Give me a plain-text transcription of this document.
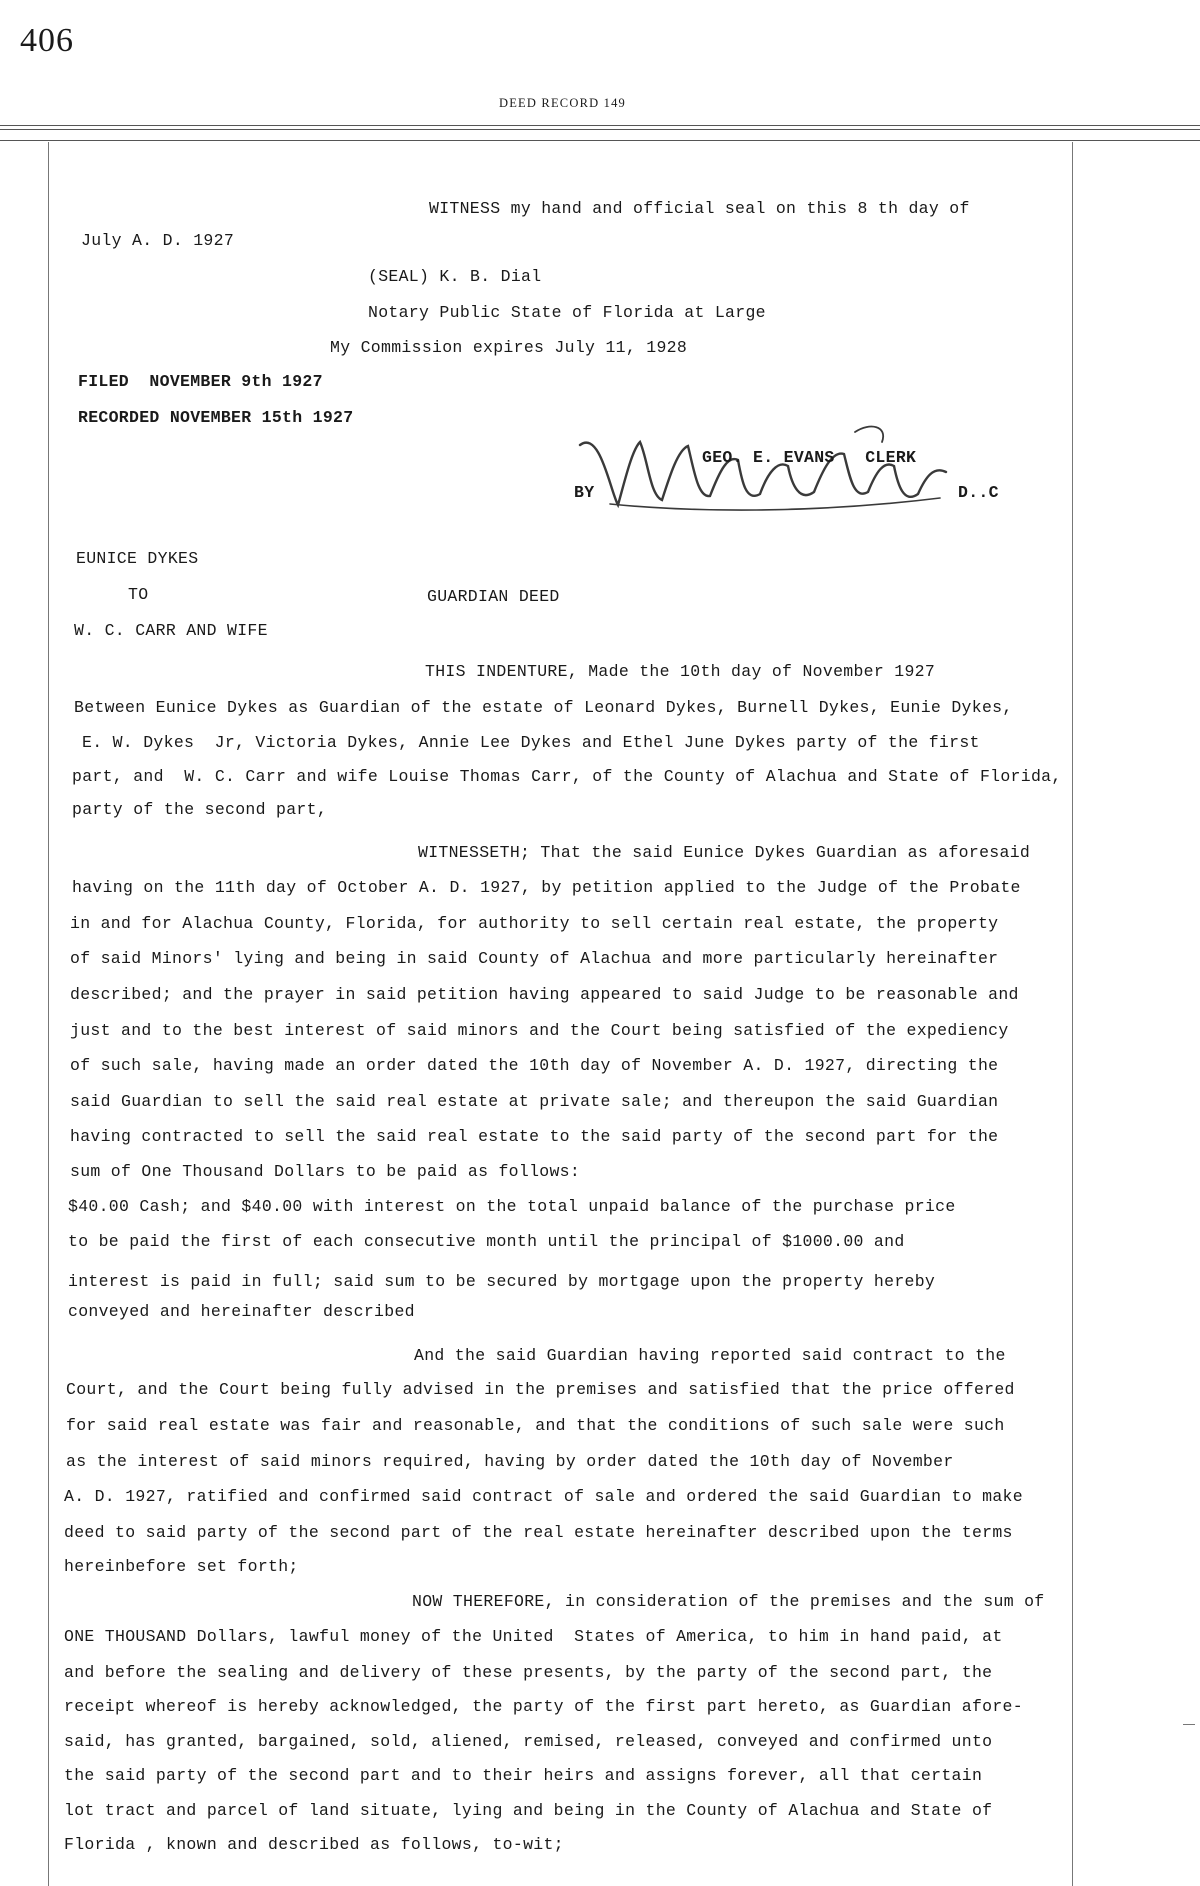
406
DEED RECORD 149
WITNESS my hand and official seal on this 8 th day of
July A. D. 1927
(SEAL) K. B. Dial
Notary Public State of Florida at Large
My Commission expires July 11, 1928
FILED  NOVEMBER 9th 1927
RECORDED NOVEMBER 15th 1927
GEO. E. EVANS   CLERK
BY	D..C
EUNICE DYKES
TO	GUARDIAN DEED
W. C. CARR AND WIFE
THIS INDENTURE, Made the 10th day of November 1927
Between Eunice Dykes as Guardian of the estate of Leonard Dykes, Burnell Dykes, Eunie Dykes,
E. W. Dykes  Jr, Victoria Dykes, Annie Lee Dykes and Ethel June Dykes party of the first
part, and  W. C. Carr and wife Louise Thomas Carr, of the County of Alachua and State of Florida,
party of the second part,
WITNESSETH; That the said Eunice Dykes Guardian as aforesaid
having on the 11th day of October A. D. 1927, by petition applied to the Judge of the Probate
in and for Alachua County, Florida, for authority to sell certain real estate, the property
of said Minors' lying and being in said County of Alachua and more particularly hereinafter
described; and the prayer in said petition having appeared to said Judge to be reasonable and
just and to the best interest of said minors and the Court being satisfied of the expediency
of such sale, having made an order dated the 10th day of November A. D. 1927, directing the
said Guardian to sell the said real estate at private sale; and thereupon the said Guardian
having contracted to sell the said real estate to the said party of the second part for the
sum of One Thousand Dollars to be paid as follows:
$40.00 Cash; and $40.00 with interest on the total unpaid balance of the purchase price
to be paid the first of each consecutive month until the principal of $1000.00 and
interest is paid in full; said sum to be secured by mortgage upon the property hereby
conveyed and hereinafter described
And the said Guardian having reported said contract to the
Court, and the Court being fully advised in the premises and satisfied that the price offered
for said real estate was fair and reasonable, and that the conditions of such sale were such
as the interest of said minors required, having by order dated the 10th day of November
A. D. 1927, ratified and confirmed said contract of sale and ordered the said Guardian to make
deed to said party of the second part of the real estate hereinafter described upon the terms
hereinbefore set forth;
NOW THEREFORE, in consideration of the premises and the sum of
ONE THOUSAND Dollars, lawful money of the United  States of America, to him in hand paid, at
and before the sealing and delivery of these presents, by the party of the second part, the
receipt whereof is hereby acknowledged, the party of the first part hereto, as Guardian afore-
said, has granted, bargained, sold, aliened, remised, released, conveyed and confirmed unto
the said party of the second part and to their heirs and assigns forever, all that certain
lot tract and parcel of land situate, lying and being in the County of Alachua and State of
Florida , known and described as follows, to-wit;
